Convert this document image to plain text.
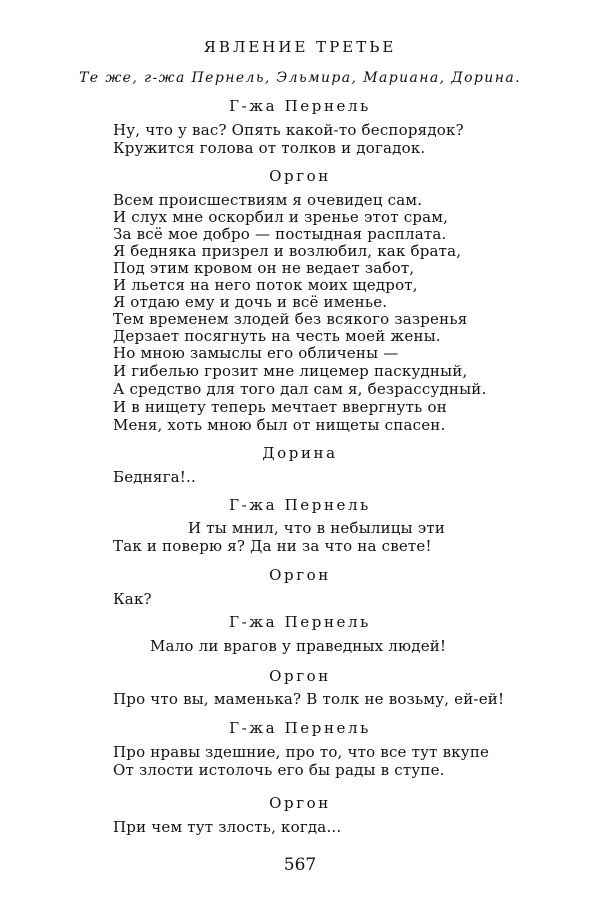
ЯВЛЕНИЕ ТРЕТЬЕ
Те же, г-жа Пернель, Эльмира, Мариана, Дорина.
Г-жа Пернель
Ну, что у вас? Опять какой-то беспорядок?
Кружится голова от толков и догадок.
Оргон
Всем происшествиям я очевидец сам.
И слух мне оскорбил и зренье этот срам,
За всё мое добро — постыдная расплата.
Я бедняка призрел и возлюбил, как брата,
Под этим кровом он не ведает забот,
И льется на него поток моих щедрот,
Я отдаю ему и дочь и всё именье.
Тем временем злодей без всякого зазренья
Дерзает посягнуть на честь моей жены.
Но мною замыслы его обличены —
И гибелью грозит мне лицемер паскудный,
А средство для того дал сам я, безрассудный.
И в нищету теперь мечтает ввергнуть он
Меня, хоть мною был от нищеты спасен.
Дорина
Бедняга!..
Г-жа Пернель
И ты мнил, что в небылицы эти
Так и поверю я? Да ни за что на свете!
Оргон
Как?
Г-жа Пернель
Мало ли врагов у праведных людей!
Оргон
Про что вы, маменька? В толк не возьму, ей-ей!
Г-жа Пернель
Про нравы здешние, про то, что все тут вкупе
От злости истолочь его бы рады в ступе.
Оргон
При чем тут злость, когда...
567
